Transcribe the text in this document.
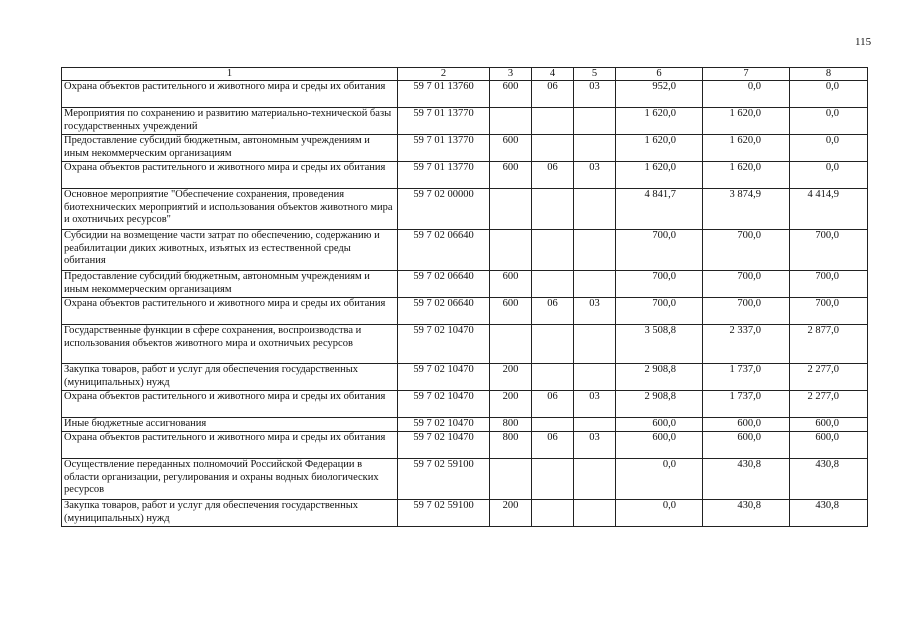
115
1	2	3	4	5	6	7	8
Охрана объектов растительного и животного мира и среды их обитания	59 7 01 13760	600	06	03	952,0	0,0	0,0
Мероприятия по сохранению и развитию материально-технической базы государственных учреждений	59 7 01 13770				1 620,0	1 620,0	0,0
Предоставление субсидий бюджетным, автономным учреждениям и иным некоммерческим организациям	59 7 01 13770	600			1 620,0	1 620,0	0,0
Охрана объектов растительного и животного мира и среды их обитания	59 7 01 13770	600	06	03	1 620,0	1 620,0	0,0
Основное мероприятие "Обеспечение сохранения, проведения биотехнических мероприятий и использования объектов животного мира и охотничьих ресурсов"	59 7 02 00000				4 841,7	3 874,9	4 414,9
Субсидии на возмещение части затрат по обеспечению, содержанию и реабилитации диких животных, изъятых из естественной среды обитания	59 7 02 06640				700,0	700,0	700,0
Предоставление субсидий бюджетным, автономным учреждениям и иным некоммерческим организациям	59 7 02 06640	600			700,0	700,0	700,0
Охрана объектов растительного и животного мира и среды их обитания	59 7 02 06640	600	06	03	700,0	700,0	700,0
Государственные функции в сфере сохранения, воспроизводства и использования объектов животного мира и охотничьих ресурсов	59 7 02 10470				3 508,8	2 337,0	2 877,0
Закупка товаров, работ и услуг для обеспечения государственных (муниципальных) нужд	59 7 02 10470	200			2 908,8	1 737,0	2 277,0
Охрана объектов растительного и животного мира и среды их обитания	59 7 02 10470	200	06	03	2 908,8	1 737,0	2 277,0
Иные бюджетные ассигнования	59 7 02 10470	800			600,0	600,0	600,0
Охрана объектов растительного и животного мира и среды их обитания	59 7 02 10470	800	06	03	600,0	600,0	600,0
Осуществление переданных полномочий Российской Федерации в области организации, регулирования и охраны водных биологических ресурсов	59 7 02 59100				0,0	430,8	430,8
Закупка товаров, работ и услуг для обеспечения государственных (муниципальных) нужд	59 7 02 59100	200			0,0	430,8	430,8
